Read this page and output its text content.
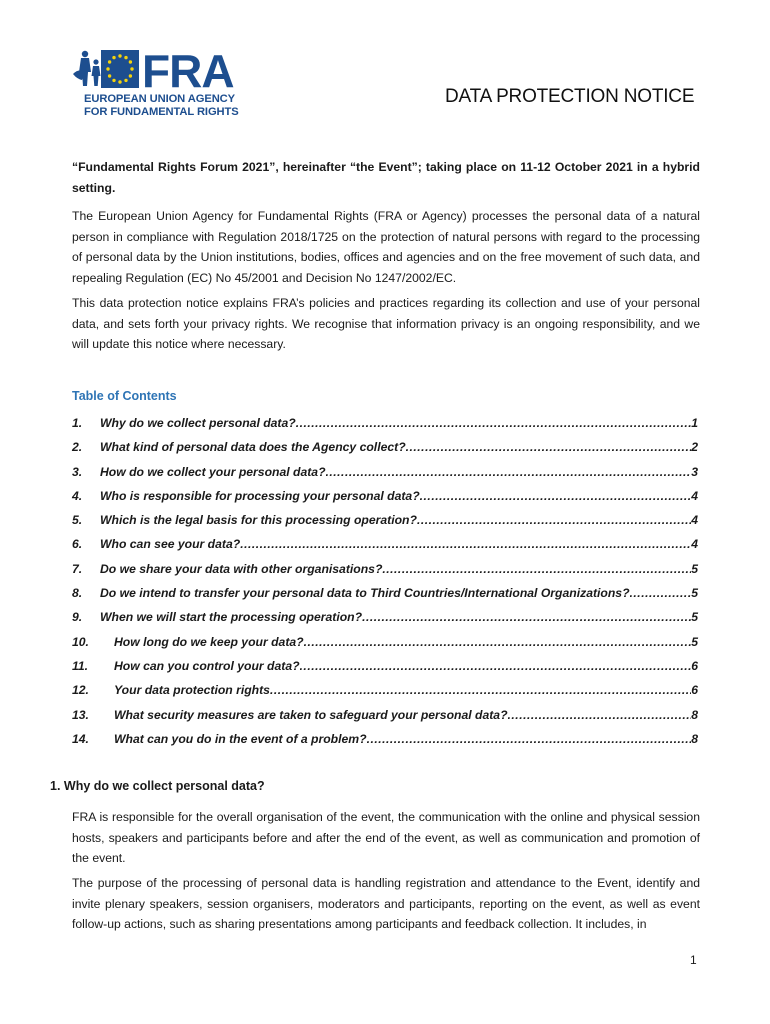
FRA
EUROPEAN UNION AGENCY
FOR FUNDAMENTAL RIGHTS
DATA PROTECTION NOTICE

“Fundamental Rights Forum 2021”, hereinafter “the Event”; taking place on 11-12 October 2021 in a hybrid setting.

The European Union Agency for Fundamental Rights (FRA or Agency) processes the personal data of a natural person in compliance with Regulation 2018/1725 on the protection of natural persons with regard to the processing of personal data by the Union institutions, bodies, offices and agencies and on the free movement of such data, and repealing Regulation (EC) No 45/2001 and Decision No 1247/2002/EC.

This data protection notice explains FRA’s policies and practices regarding its collection and use of your personal data, and sets forth your privacy rights. We recognise that information privacy is an ongoing responsibility, and we will update this notice where necessary.

Table of Contents
1.	Why do we collect personal data? .....	1
2.	What kind of personal data does the Agency collect? .....	2
3.	How do we collect your personal data? .....	3
4.	Who is responsible for processing your personal data? .....	4
5.	Which is the legal basis for this processing operation? .....	4
6.	Who can see your data? .....	4
7.	Do we share your data with other organisations? .....	5
8.	Do we intend to transfer your personal data to Third Countries/International Organizations? .....	5
9.	When we will start the processing operation? .....	5
10.	How long do we keep your data? .....	5
11.	How can you control your data? .....	6
12.	Your data protection rights .....	6
13.	What security measures are taken to safeguard your personal data? .....	8
14.	What can you do in the event of a problem? .....	8
1. Why do we collect personal data?

FRA is responsible for the overall organisation of the event, the communication with the online and physical session hosts, speakers and participants before and after the end of the event, as well as communication and promotion of the event.

The purpose of the processing of personal data is handling registration and attendance to the Event, identify and invite plenary speakers, session organisers, moderators and participants, reporting on the event, as well as event follow-up actions, such as sharing presentations among participants and feedback collection. It includes, in

1
